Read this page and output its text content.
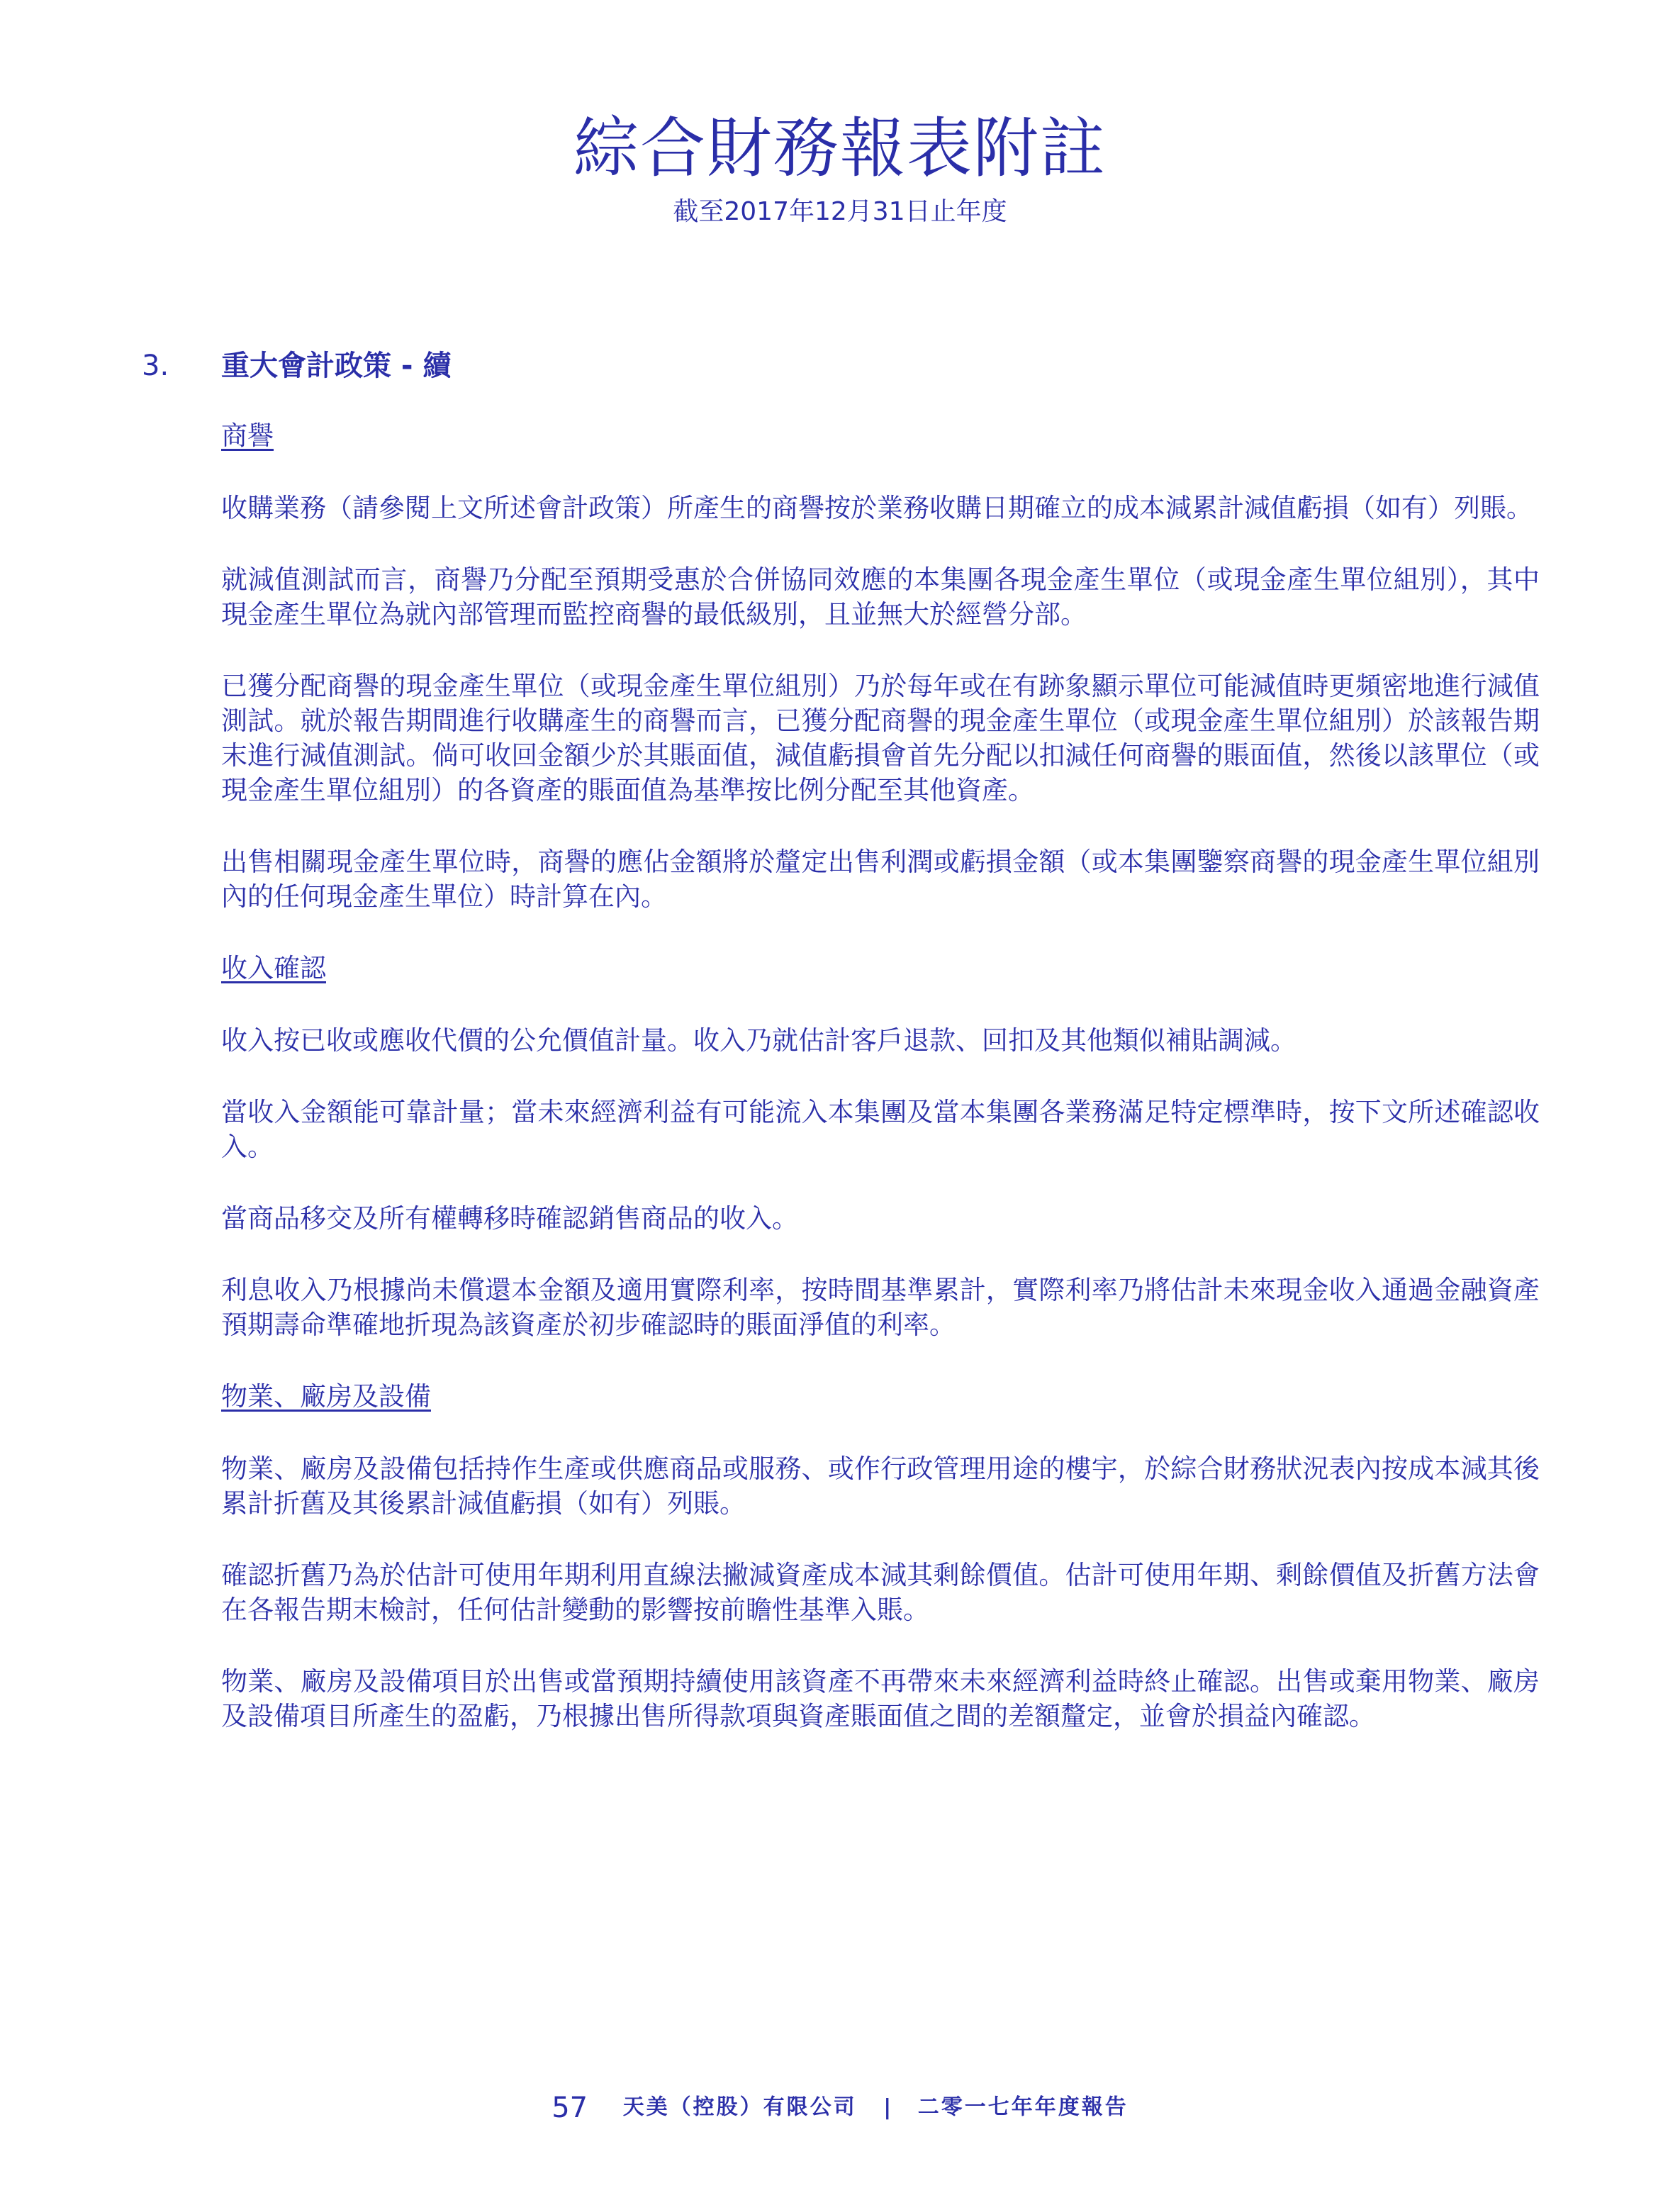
綜合財務報表附註
截至2017年12月31日止年度
3.	重大會計政策 - 續

商譽

收購業務（請參閱上文所述會計政策）所產生的商譽按於業務收購日期確立的成本減累計減值虧損（如有）列賬。

就減值測試而言，商譽乃分配至預期受惠於合併協同效應的本集團各現金產生單位（或現金產生單位組別），其中現金產生單位為就內部管理而監控商譽的最低級別，且並無大於經營分部。

已獲分配商譽的現金產生單位（或現金產生單位組別）乃於每年或在有跡象顯示單位可能減值時更頻密地進行減值測試。就於報告期間進行收購產生的商譽而言，已獲分配商譽的現金產生單位（或現金產生單位組別）於該報告期末進行減值測試。倘可收回金額少於其賬面值，減值虧損會首先分配以扣減任何商譽的賬面值，然後以該單位（或現金產生單位組別）的各資產的賬面值為基準按比例分配至其他資產。

出售相關現金產生單位時，商譽的應佔金額將於釐定出售利潤或虧損金額（或本集團鑒察商譽的現金產生單位組別內的任何現金產生單位）時計算在內。

收入確認

收入按已收或應收代價的公允價值計量。收入乃就估計客戶退款、回扣及其他類似補貼調減。

當收入金額能可靠計量；當未來經濟利益有可能流入本集團及當本集團各業務滿足特定標準時，按下文所述確認收入。

當商品移交及所有權轉移時確認銷售商品的收入。

利息收入乃根據尚未償還本金額及適用實際利率，按時間基準累計，實際利率乃將估計未來現金收入通過金融資產預期壽命準確地折現為該資產於初步確認時的賬面淨值的利率。

物業、廠房及設備

物業、廠房及設備包括持作生產或供應商品或服務、或作行政管理用途的樓宇，於綜合財務狀況表內按成本減其後累計折舊及其後累計減值虧損（如有）列賬。

確認折舊乃為於估計可使用年期利用直線法撇減資產成本減其剩餘價值。估計可使用年期、剩餘價值及折舊方法會在各報告期末檢討，任何估計變動的影響按前瞻性基準入賬。

物業、廠房及設備項目於出售或當預期持續使用該資產不再帶來未來經濟利益時終止確認。出售或棄用物業、廠房及設備項目所產生的盈虧，乃根據出售所得款項與資產賬面值之間的差額釐定，並會於損益內確認。

57 天美（控股）有限公司 | 二零一七年年度報告
